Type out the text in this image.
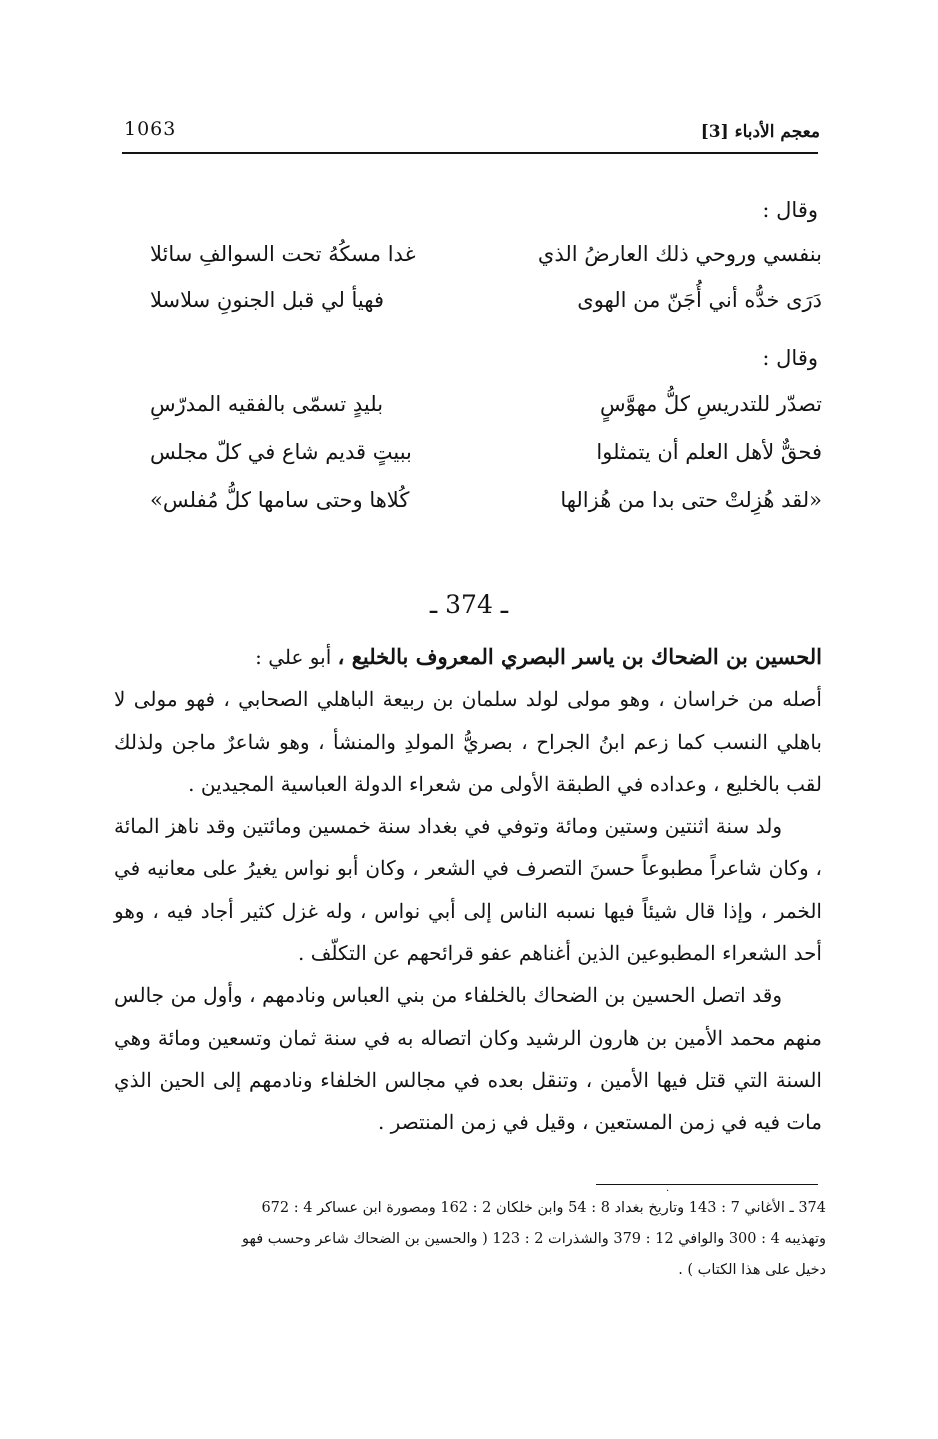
معجم الأدباء [3]
1063
وقال :
بنفسي وروحي ذلك العارضُ الذي
غدا مسكُهُ تحت السوالفِ سائلا
دَرَى خدُّه أني أُجَنّ من الهوى
فهيأ لي قبل الجنونِ سلاسلا
وقال :
تصدّر للتدريسِ كلُّ مهوَّسٍ
بليدٍ تسمّى بالفقيه المدرّسِ
فحقٌّ لأهل العلم أن يتمثلوا
ببيتٍ قديم شاع في كلّ مجلس
«لقد هُزِلتْ حتى بدا من هُزالها
كُلاها وحتى سامها كلُّ مُفلس»
ـ 374 ـ

الحسين بن الضحاك بن ياسر البصري المعروف بالخليع ، أبو علي :

أصله من خراسان ، وهو مولى لولد سلمان بن ربيعة الباهلي الصحابي ، فهو مولى لا باهلي النسب كما زعم ابنُ الجراح ، بصريُّ المولدِ والمنشأ ، وهو شاعرٌ ماجن ولذلك لقب بالخليع ، وعداده في الطبقة الأولى من شعراء الدولة العباسية المجيدين .

ولد سنة اثنتين وستين ومائة وتوفي في بغداد سنة خمسين ومائتين وقد ناهز المائة ، وكان شاعراً مطبوعاً حسنَ التصرف في الشعر ، وكان أبو نواس يغيرُ على معانيه في الخمر ، وإذا قال شيئاً فيها نسبه الناس إلى أبي نواس ، وله غزل كثير أجاد فيه ، وهو أحد الشعراء المطبوعين الذين أغناهم عفو قرائحهم عن التكلّف .

وقد اتصل الحسين بن الضحاك بالخلفاء من بني العباس ونادمهم ، وأول من جالس منهم محمد الأمين بن هارون الرشيد وكان اتصاله به في سنة ثمان وتسعين ومائة وهي السنة التي قتل فيها الأمين ، وتنقل بعده في مجالس الخلفاء ونادمهم إلى الحين الذي مات فيه في زمن المستعين ، وقيل في زمن المنتصر .

·

374 ـ الأغاني 7 : 143 وتاريخ بغداد 8 : 54 وابن خلكان 2 : 162 ومصورة ابن عساكر 4 : 672

وتهذيبه 4 : 300 والوافي 12 : 379 والشذرات 2 : 123 ( والحسين بن الضحاك شاعر وحسب فهو

دخيل على هذا الكتاب ) .
